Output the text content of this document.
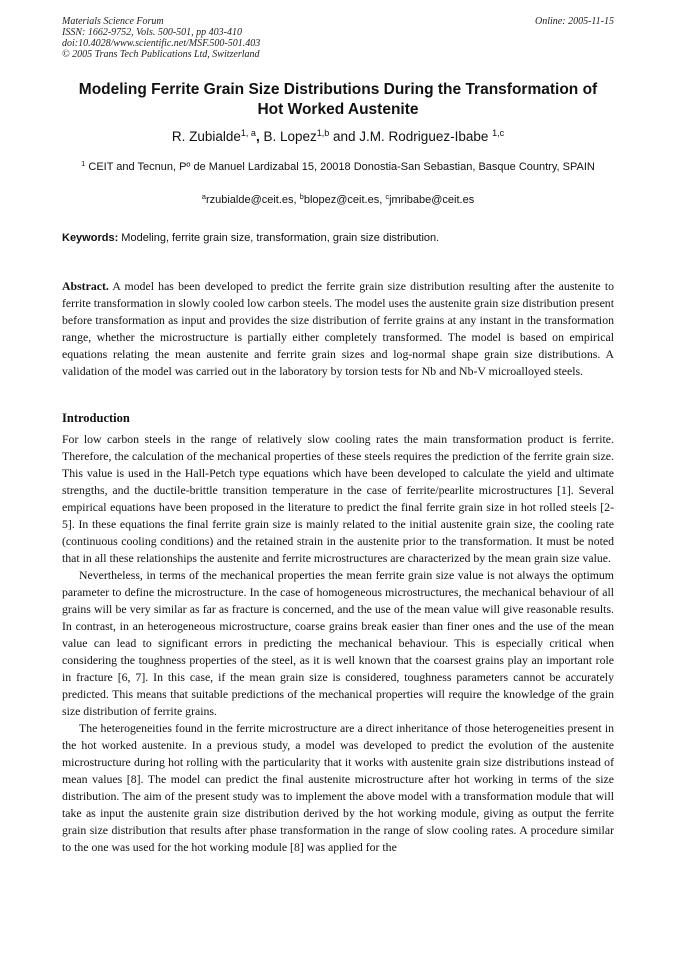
Materials Science Forum	Online: 2005-11-15
ISSN: 1662-9752, Vols. 500-501, pp 403-410
doi:10.4028/www.scientific.net/MSF.500-501.403
© 2005 Trans Tech Publications Ltd, Switzerland
Modeling Ferrite Grain Size Distributions During the Transformation of
Hot Worked Austenite
R. Zubialde$^{1, a}$, B. Lopez$^{1,b}$ and J.M. Rodriguez-Ibabe $^{1,c}$
$^1$ CEIT and Tecnun, Pº de Manuel Lardizabal 15, 20018 Donostia-San Sebastian, Basque Country, SPAIN
$^a$rzubialde@ceit.es, $^b$blopez@ceit.es, $^c$jmribabe@ceit.es
Keywords: Modeling, ferrite grain size, transformation, grain size distribution.
Abstract. A model has been developed to predict the ferrite grain size distribution resulting after the austenite to ferrite transformation in slowly cooled low carbon steels. The model uses the austenite grain size distribution present before transformation as input and provides the size distribution of ferrite grains at any instant in the transformation range, whether the microstructure is partially either completely transformed. The model is based on empirical equations relating the mean austenite and ferrite grain sizes and log-normal shape grain size distributions. A validation of the model was carried out in the laboratory by torsion tests for Nb and Nb-V microalloyed steels.
Introduction

For low carbon steels in the range of relatively slow cooling rates the main transformation product is ferrite. Therefore, the calculation of the mechanical properties of these steels requires the prediction of the ferrite grain size. This value is used in the Hall-Petch type equations which have been developed to calculate the yield and ultimate strengths, and the ductile-brittle transition temperature in the case of ferrite/pearlite microstructures [1]. Several empirical equations have been proposed in the literature to predict the final ferrite grain size in hot rolled steels [2-5]. In these equations the final ferrite grain size is mainly related to the initial austenite grain size, the cooling rate (continuous cooling conditions) and the retained strain in the austenite prior to the transformation. It must be noted that in all these relationships the austenite and ferrite microstructures are characterized by the mean grain size value.

Nevertheless, in terms of the mechanical properties the mean ferrite grain size value is not always the optimum parameter to define the microstructure. In the case of homogeneous microstructures, the mechanical behaviour of all grains will be very similar as far as fracture is concerned, and the use of the mean value will give reasonable results. In contrast, in an heterogeneous microstructure, coarse grains break easier than finer ones and the use of the mean value can lead to significant errors in predicting the mechanical behaviour. This is especially critical when considering the toughness properties of the steel, as it is well known that the coarsest grains play an important role in fracture [6, 7]. In this case, if the mean grain size is considered, toughness parameters cannot be accurately predicted. This means that suitable predictions of the mechanical properties will require the knowledge of the grain size distribution of ferrite grains.

The heterogeneities found in the ferrite microstructure are a direct inheritance of those heterogeneities present in the hot worked austenite. In a previous study, a model was developed to predict the evolution of the austenite microstructure during hot rolling with the particularity that it works with austenite grain size distributions instead of mean values [8]. The model can predict the final austenite microstructure after hot working in terms of the size distribution. The aim of the present study was to implement the above model with a transformation module that will take as input the austenite grain size distribution derived by the hot working module, giving as output the ferrite grain size distribution that results after phase transformation in the range of slow cooling rates. A procedure similar to the one was used for the hot working module [8] was applied for the
